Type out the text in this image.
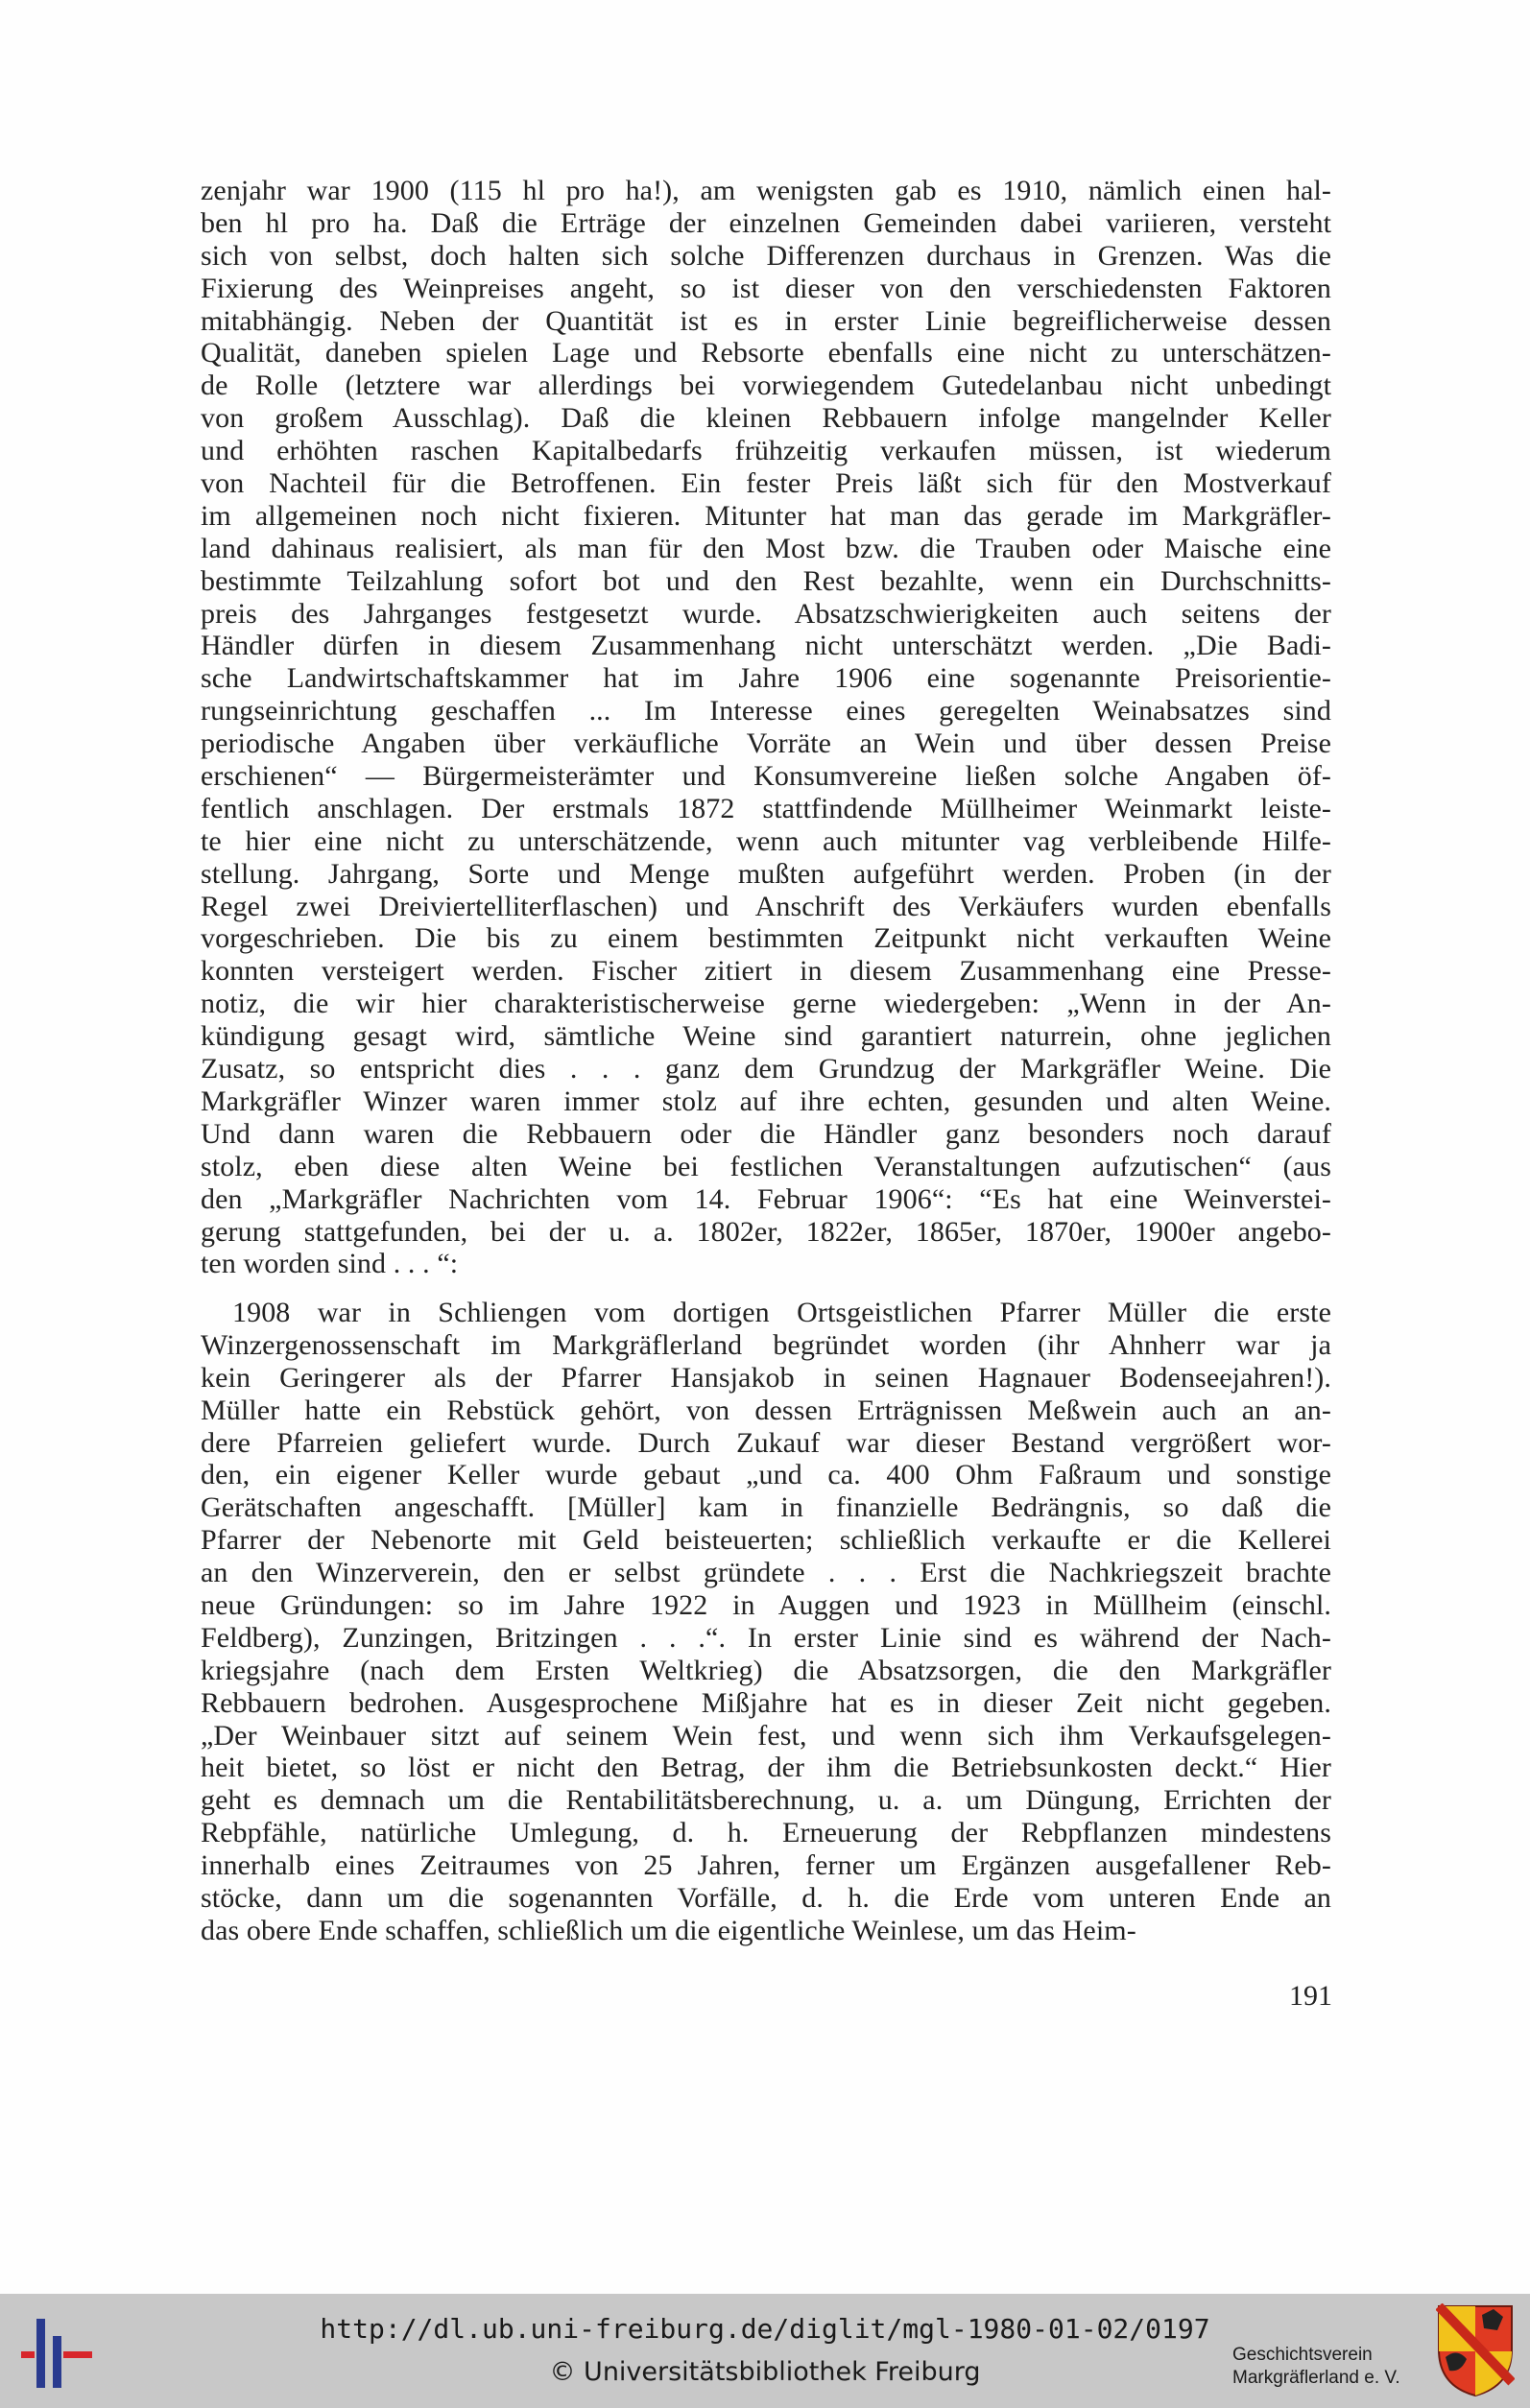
zenjahr war 1900 (115 hl pro ha!), am wenigsten gab es 1910, nämlich einen hal-
ben hl pro ha. Daß die Erträge der einzelnen Gemeinden dabei variieren, versteht
sich von selbst, doch halten sich solche Differenzen durchaus in Grenzen. Was die
Fixierung des Weinpreises angeht, so ist dieser von den verschiedensten Faktoren
mitabhängig. Neben der Quantität ist es in erster Linie begreiflicherweise dessen
Qualität, daneben spielen Lage und Rebsorte ebenfalls eine nicht zu unterschätzen-
de Rolle (letztere war allerdings bei vorwiegendem Gutedelanbau nicht unbedingt
von großem Ausschlag). Daß die kleinen Rebbauern infolge mangelnder Keller
und erhöhten raschen Kapitalbedarfs frühzeitig verkaufen müssen, ist wiederum
von Nachteil für die Betroffenen. Ein fester Preis läßt sich für den Mostverkauf
im allgemeinen noch nicht fixieren. Mitunter hat man das gerade im Markgräfler-
land dahinaus realisiert, als man für den Most bzw. die Trauben oder Maische eine
bestimmte Teilzahlung sofort bot und den Rest bezahlte, wenn ein Durchschnitts-
preis des Jahrganges festgesetzt wurde. Absatzschwierigkeiten auch seitens der
Händler dürfen in diesem Zusammenhang nicht unterschätzt werden. „Die Badi-
sche Landwirtschaftskammer hat im Jahre 1906 eine sogenannte Preisorientie-
rungseinrichtung geschaffen ... Im Interesse eines geregelten Weinabsatzes sind
periodische Angaben über verkäufliche Vorräte an Wein und über dessen Preise
erschienen“ — Bürgermeisterämter und Konsumvereine ließen solche Angaben öf-
fentlich anschlagen. Der erstmals 1872 stattfindende Müllheimer Weinmarkt leiste-
te hier eine nicht zu unterschätzende, wenn auch mitunter vag verbleibende Hilfe-
stellung. Jahrgang, Sorte und Menge mußten aufgeführt werden. Proben (in der
Regel zwei Dreiviertelliterflaschen) und Anschrift des Verkäufers wurden ebenfalls
vorgeschrieben. Die bis zu einem bestimmten Zeitpunkt nicht verkauften Weine
konnten versteigert werden. Fischer zitiert in diesem Zusammenhang eine Presse-
notiz, die wir hier charakteristischerweise gerne wiedergeben: „Wenn in der An-
kündigung gesagt wird, sämtliche Weine sind garantiert naturrein, ohne jeglichen
Zusatz, so entspricht dies . . . ganz dem Grundzug der Markgräfler Weine. Die
Markgräfler Winzer waren immer stolz auf ihre echten, gesunden und alten Weine.
Und dann waren die Rebbauern oder die Händler ganz besonders noch darauf
stolz, eben diese alten Weine bei festlichen Veranstaltungen aufzutischen“ (aus
den „Markgräfler Nachrichten vom 14. Februar 1906“: “Es hat eine Weinverstei-
gerung stattgefunden, bei der u. a. 1802er, 1822er, 1865er, 1870er, 1900er angebo-
ten worden sind . . . “:
1908 war in Schliengen vom dortigen Ortsgeistlichen Pfarrer Müller die erste
Winzergenossenschaft im Markgräflerland begründet worden (ihr Ahnherr war ja
kein Geringerer als der Pfarrer Hansjakob in seinen Hagnauer Bodenseejahren!).
Müller hatte ein Rebstück gehört, von dessen Erträgnissen Meßwein auch an an-
dere Pfarreien geliefert wurde. Durch Zukauf war dieser Bestand vergrößert wor-
den, ein eigener Keller wurde gebaut „und ca. 400 Ohm Faßraum und sonstige
Gerätschaften angeschafft. [Müller] kam in finanzielle Bedrängnis, so daß die
Pfarrer der Nebenorte mit Geld beisteuerten; schließlich verkaufte er die Kellerei
an den Winzerverein, den er selbst gründete . . . Erst die Nachkriegszeit brachte
neue Gründungen: so im Jahre 1922 in Auggen und 1923 in Müllheim (einschl.
Feldberg), Zunzingen, Britzingen . . .“. In erster Linie sind es während der Nach-
kriegsjahre (nach dem Ersten Weltkrieg) die Absatzsorgen, die den Markgräfler
Rebbauern bedrohen. Ausgesprochene Mißjahre hat es in dieser Zeit nicht gegeben.
„Der Weinbauer sitzt auf seinem Wein fest, und wenn sich ihm Verkaufsgelegen-
heit bietet, so löst er nicht den Betrag, der ihm die Betriebsunkosten deckt.“ Hier
geht es demnach um die Rentabilitätsberechnung, u. a. um Düngung, Errichten der
Rebpfähle, natürliche Umlegung, d. h. Erneuerung der Rebpflanzen mindestens
innerhalb eines Zeitraumes von 25 Jahren, ferner um Ergänzen ausgefallener Reb-
stöcke, dann um die sogenannten Vorfälle, d. h. die Erde vom unteren Ende an
das obere Ende schaffen, schließlich um die eigentliche Weinlese, um das Heim-
191
http://dl.ub.uni-freiburg.de/diglit/mgl-1980-01-02/0197
© Universitätsbibliothek Freiburg
Geschichtsverein
Markgräflerland e. V.
